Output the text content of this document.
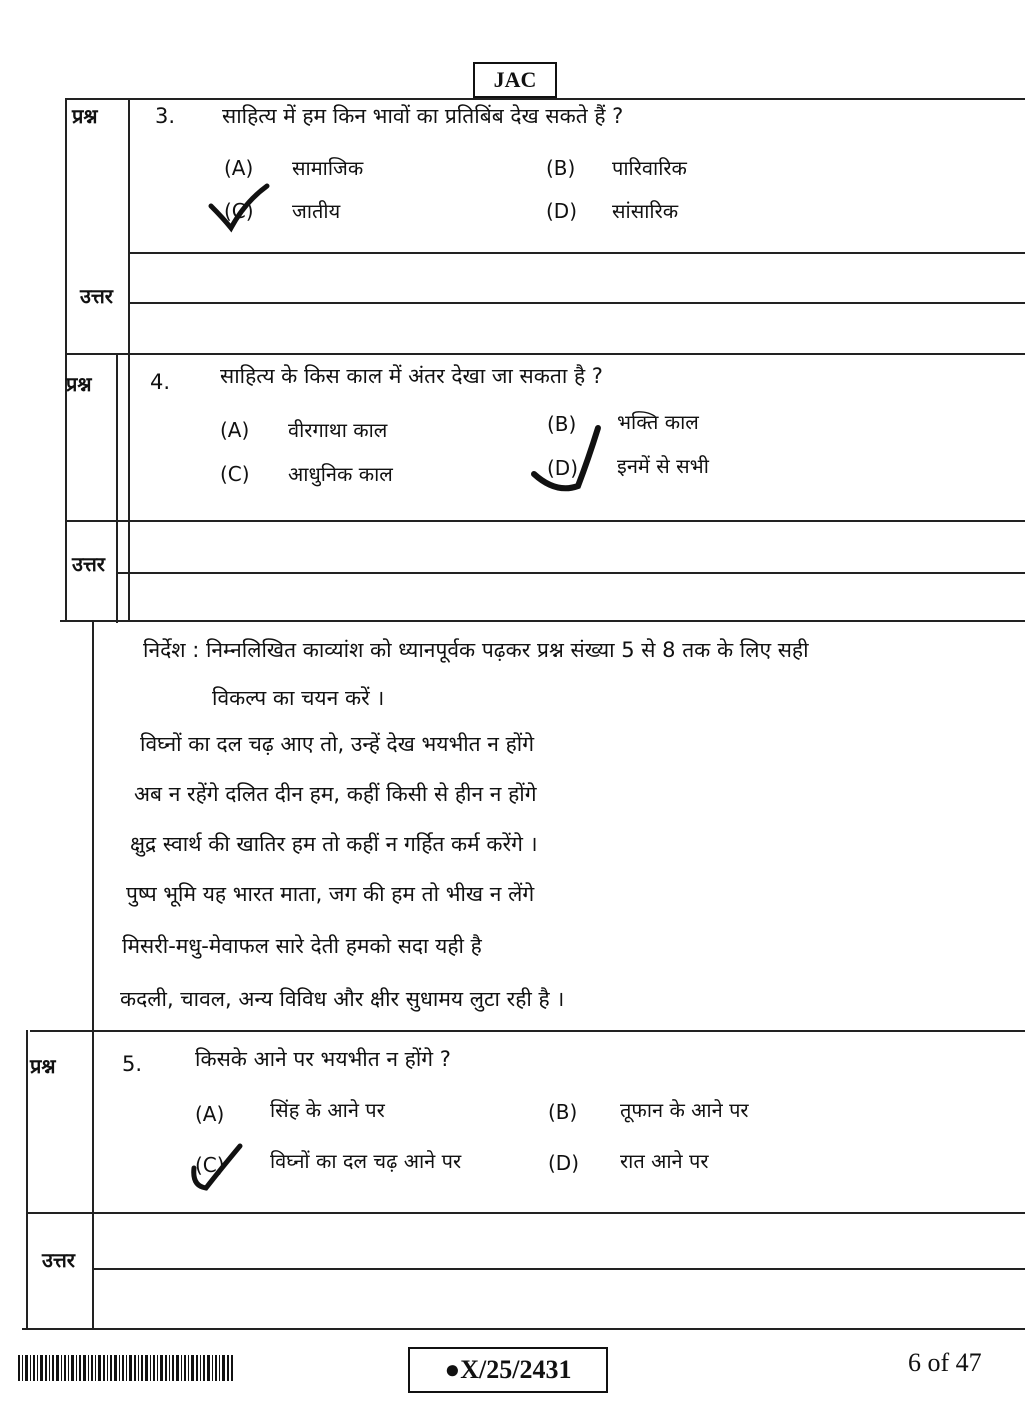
JAC
प्रश्न	3. साहित्य में हम किन भावों का प्रतिबिंब देख सकते हैं ?
(A) सामाजिक	(B) पारिवारिक
(C) जातीय	(D) सांसारिक
उत्तर
प्रश्न	4. साहित्य के किस काल में अंतर देखा जा सकता है ?
(A) वीरगाथा काल	(B) भक्ति काल
(C) आधुनिक काल	(D) इनमें से सभी
उत्तर
निर्देश : निम्नलिखित काव्यांश को ध्यानपूर्वक पढ़कर प्रश्न संख्या 5 से 8 तक के लिए सही
विकल्प का चयन करें ।
विघ्नों का दल चढ़ आए तो, उन्हें देख भयभीत न होंगे
अब न रहेंगे दलित दीन हम, कहीं किसी से हीन न होंगे
क्षुद्र स्वार्थ की खातिर हम तो कहीं न गर्हित कर्म करेंगे ।
पुष्प भूमि यह भारत माता, जग की हम तो भीख न लेंगे
मिसरी-मधु-मेवाफल सारे देती हमको सदा यही है
कदली, चावल, अन्य विविध और क्षीर सुधामय लुटा रही है ।
प्रश्न	5.	किसके आने पर भयभीत न होंगे ?
(A) सिंह के आने पर	(B) तूफान के आने पर
(C) विघ्नों का दल चढ़ आने पर	(D) रात आने पर
उत्तर
●X/25/2431	6 of 47
